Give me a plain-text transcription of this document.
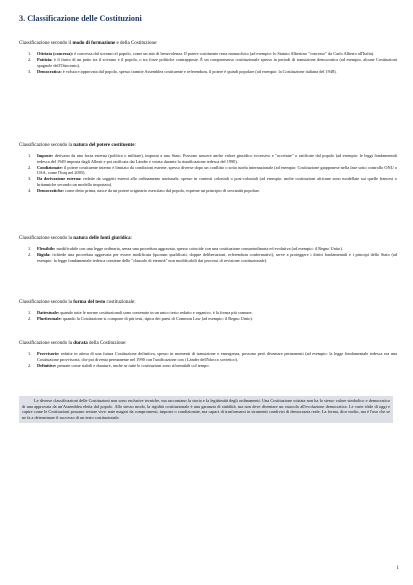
3. Classificazione delle Costituzioni

Classificazione secondo il modo di formazione e della Costituzione:

1. Ottriata (concessa): è concessa dal sovrano al popolo, come un atto di benevolenza. Il potere costituente resta monarchico (ad esempio: lo Statuto Albertino "concesso" da Carlo Alberto all'Italia).
2. Pattizia: è il frutto di un patto tra il sovrano e il popolo, o tra forze politiche contrapposte. È un compromesso costituzionale spesso in periodi di transizione democratica (ad esempio, alcune Costituzioni spagnole dell'Ottocento).
3. Democratica: è voluta e approvata dal popolo, spesso tramite Assemblea costituente e referendum, il potere è quindi popolare (ad esempio: la Costituzione italiana del 1948).

Classificazione secondo la natura del potere costituente:

1. Imposte: derivano da una forza esterna (politica o militare), imposta a uno Stato. Possono nascere anche valore giuridico eccessivo e "accettate" o ratificate dal popolo (ad esempio: le leggi fondamentali tedesca del 1949 imposta dagli Alleati e poi ratificata dai Länder e votata durante la riunificazione tedesca del 1990).
2. Condizionate: il potere costituente interno è limitato da condizioni esterne, spesso diverse dopo un conflitto o sotto tutela internazionale (ad esempio: Costituzione giapponese nella fase sotto controllo ONU o USA, come l'Iraq nel 2005).
3. Da derivazione esterna: redatte da soggetti esterni allo ordinamento nazionale, spesso in contesti coloniali o post-coloniali (ad esempio: molte costituzioni africane sono modellate sui quelle francesi o britanniche secondo un modello importato).
4. Democratiche: come detto prima, nasce da un potere originario esercitato dal popolo, esprime un principio di sovranità popolare.

Classificazione secondo la natura delle fonti giuridica:

1. Flessibile: modificabile con una legge ordinaria, senza una procedura aggravata, spesso coincide con una costituzione consuetudinaria ed evolutiva (ad esempio: il Regno Unito).
2. Rigida: richiede una procedura aggravata per essere modificata (quorum qualificati, doppie deliberazioni, referendum confermativi), serve a proteggere i diritti fondamentali e i principi dello Stato (ad esempio: la legge fondamentale tedesca contiene delle "clausole di eternità" non modificabili dai processi di revisione costituzionale).

Classificazione secondo la forma del testo costituzionale:

1. Dattestuale: quando tutte le norme costituzionali sono contenute in un unico testo redatto e organico, è la forma più comune.
2. Pluritestuale: quando la Costituzione si compone di più testi, tipica dei paesi di Common Law (ad esempio: il Regno Unito).

Classificazione secondo la durata della Costituzione:

1. Provvisorie: redatte in attesa di una futura Costituzione definitiva, spesso in momenti di transizione o emergenza, possono però diventare permanenti (ad esempio: la legge fondamentale tedesca era una Costituzione provvisoria, che poi diventa permanente nel 1990 con l'unificazione con i Länder dell'blocco sovietico).
2. Definitive: pensate come stabili e durature, anche se tutte le costituzioni sono riformabili col tempo.
Le diverse classificazioni delle Costituzioni non sono esclusive tecniche, ma raccontano la storia e la legittimità degli ordinamenti. Una Costituzione ottriata non ha lo stesso valore simbolico e democratico di una approvata da un'Assemblea eletta dal popolo. Allo stesso modo, la rigidità costituzionale è una garanzia di stabilità, ma non deve diventare un ostacolo all'evoluzione democratica. Le varie sfide di oggi e capire come le Costituzioni possano restare vive: nate magari da compromessi, imposte o condizionate, ma capaci di trasformarsi in strumenti condivisi di democrazia reale. La forma, dice molto, ma è l'uso che se ne fa a determinare il successo di un testo costituzionale.
1
